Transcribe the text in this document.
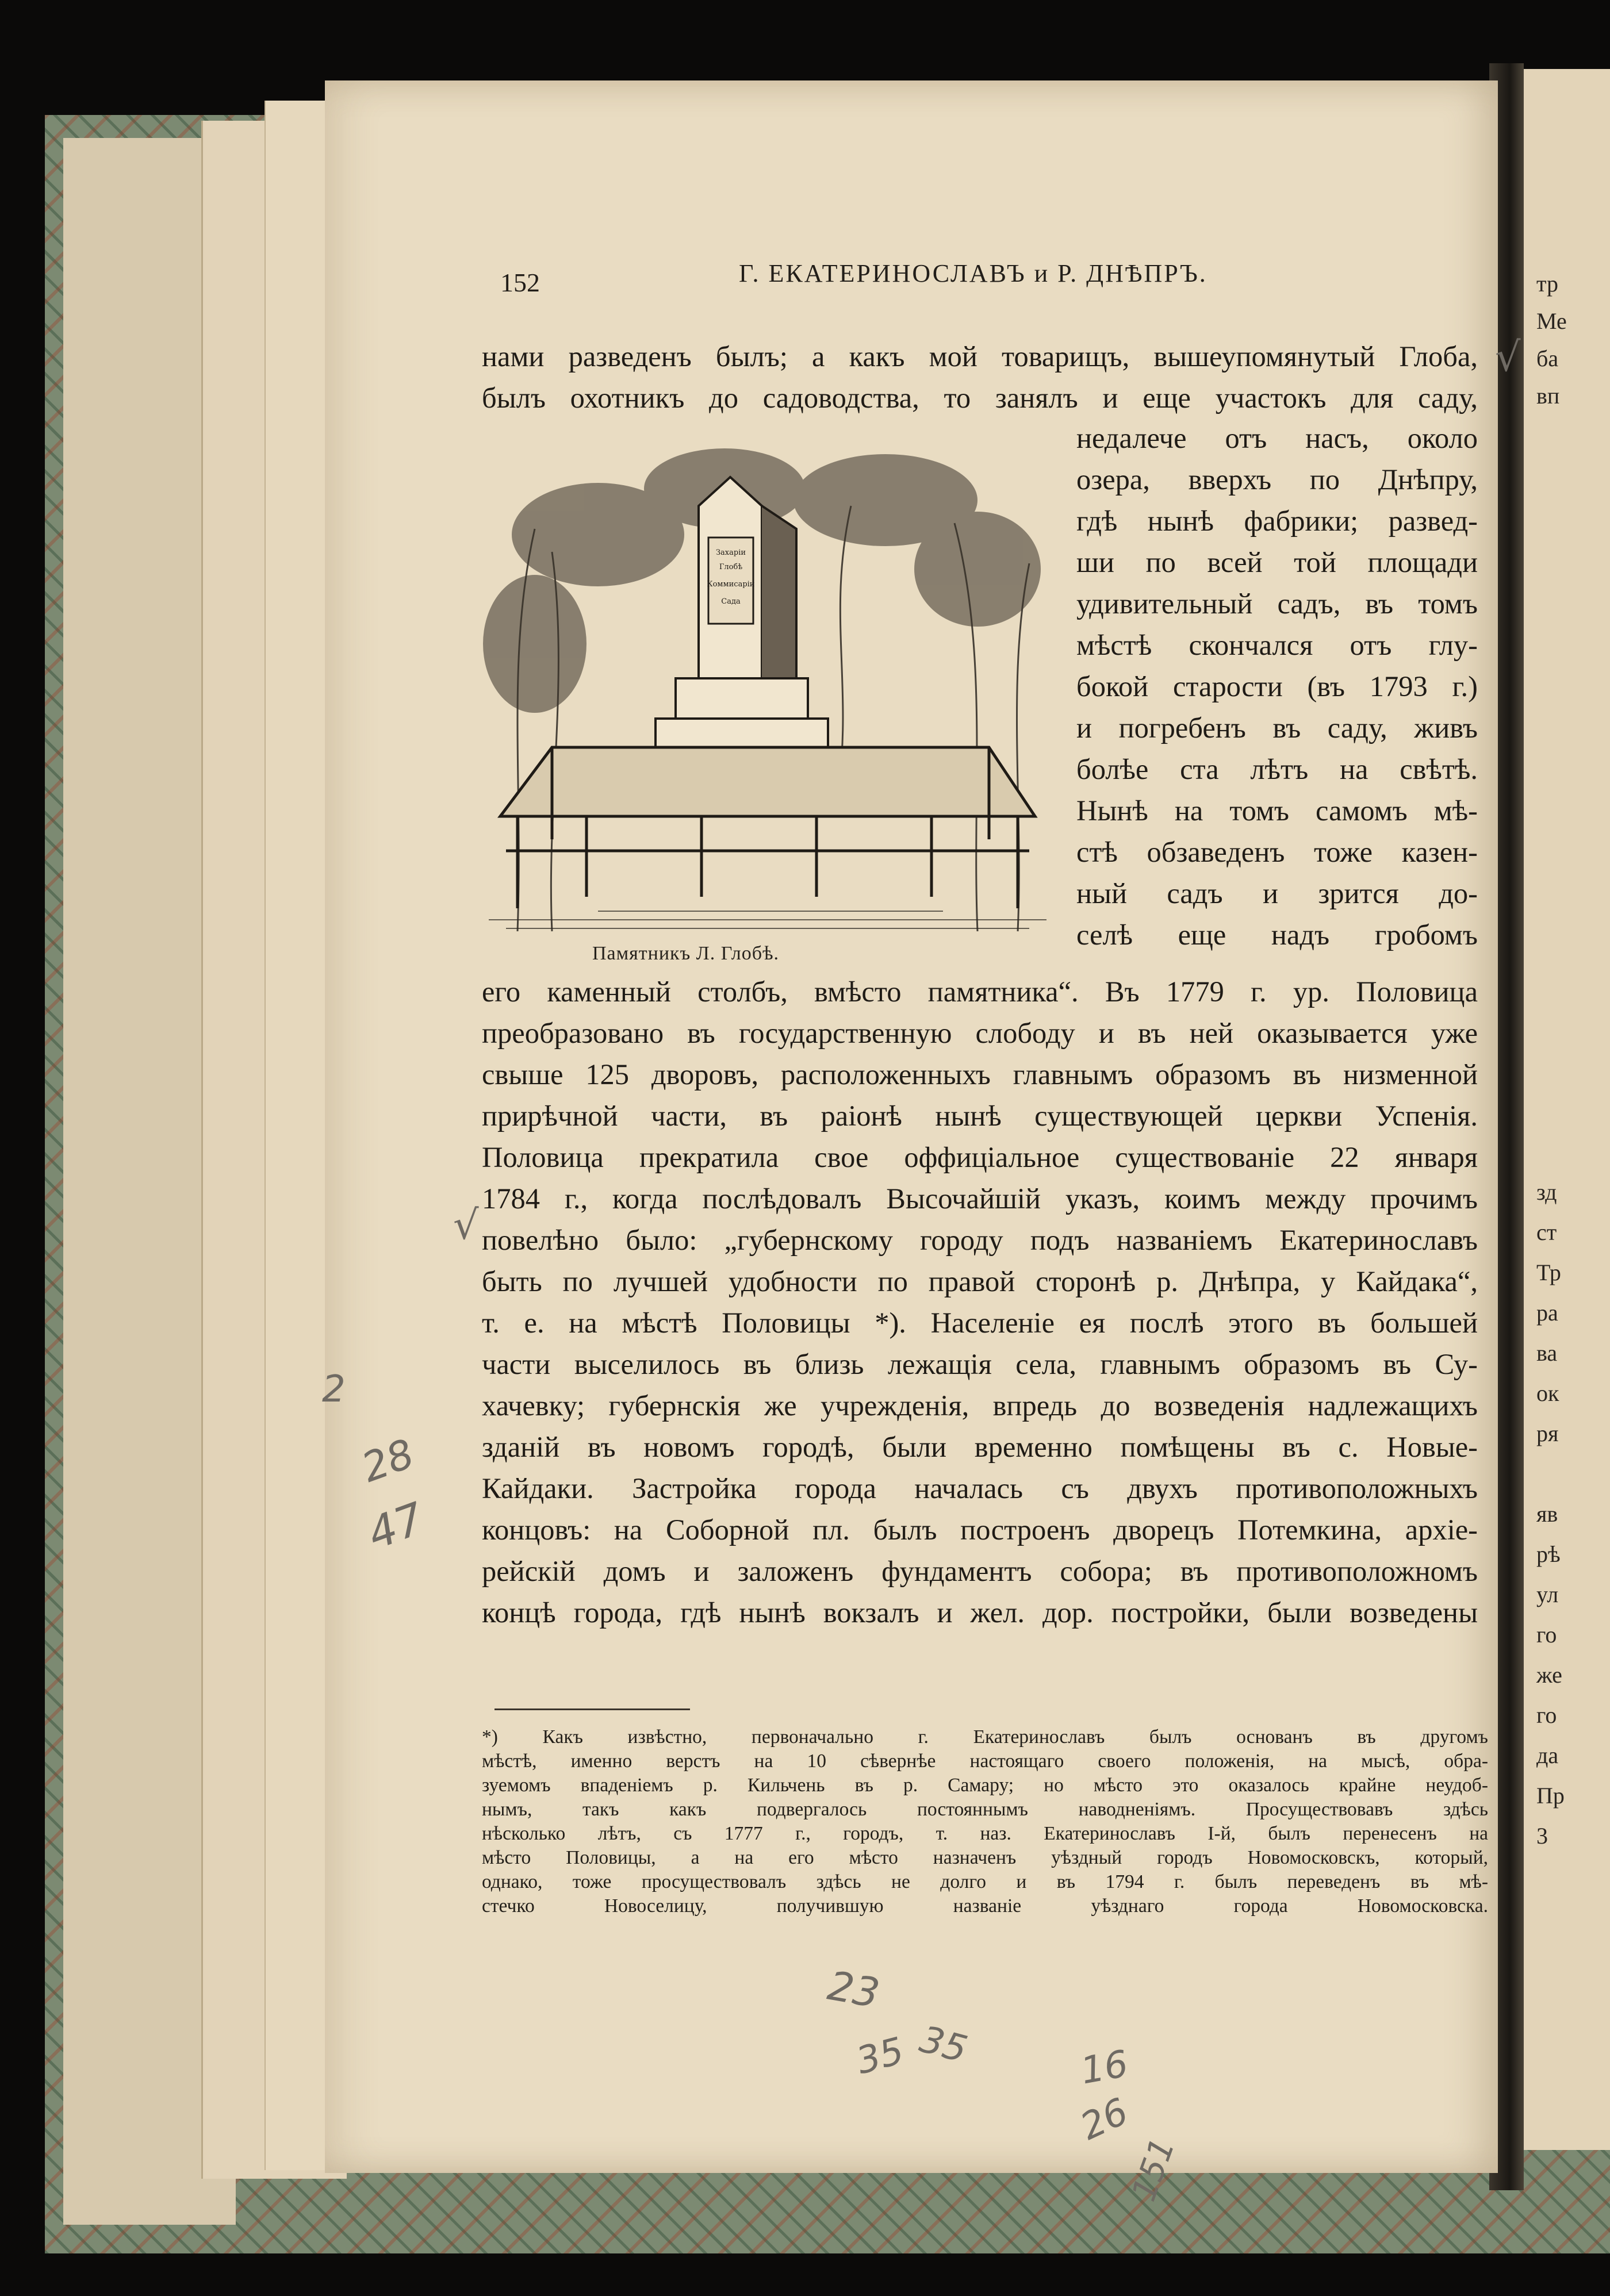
тр
Ме
ба
вп
зд
ст
Тр
ра
ва
ок
ря
яв
рѣ
ул
го
же
го
да
Пр
3
152	Г. ЕКАТЕРИНОСЛАВЪ и Р. ДНѢПРЪ.
Захаріи
Глобѣ
Коммисаріи
Сада
Памятникъ Л. Глобѣ.
нами разведенъ былъ; а какъ мой товарищъ, вышеупомянутый Глоба,
былъ охотникъ до садоводства, то занялъ и еще участокъ для саду,
недалече отъ насъ, около
озера, вверхъ по Днѣпру,
гдѣ нынѣ фабрики; развед-
ши по всей той площади
удивительный садъ, въ томъ
мѣстѣ скончался отъ глу-
бокой старости (въ 1793 г.)
и погребенъ въ саду, живъ
болѣе ста лѣтъ на свѣтѣ.
Нынѣ на томъ самомъ мѣ-
стѣ обзаведенъ тоже казен-
ный садъ и зрится до-
селѣ еще надъ гробомъ
его каменный столбъ, вмѣсто памятника“. Въ 1779 г. ур. Половица
преобразовано въ государственную слободу и въ ней оказывается уже
свыше 125 дворовъ, расположенныхъ главнымъ образомъ въ низменной
прирѣчной части, въ раіонѣ нынѣ существующей церкви Успенія.
Половица прекратила свое оффиціальное существованіе 22 января
1784 г., когда послѣдовалъ Высочайшій указъ, коимъ между прочимъ
повелѣно было: „губернскому городу подъ названіемъ Екатеринославъ
быть по лучшей удобности по правой сторонѣ р. Днѣпра, у Кайдака“,
т. е. на мѣстѣ Половицы *). Населеніе ея послѣ этого въ большей
части выселилось въ близь лежащія села, главнымъ образомъ въ Су-
хачевку; губернскія же учрежденія, впредь до возведенія надлежащихъ
зданій въ новомъ городѣ, были временно помѣщены въ с. Новые-
Кайдаки. Застройка города началась съ двухъ противоположныхъ
концовъ: на Соборной пл. былъ построенъ дворецъ Потемкина, архіе-
рейскій домъ и заложенъ фундаментъ собора; въ противоположномъ
концѣ города, гдѣ нынѣ вокзалъ и жел. дор. постройки, были возведены
*) Какъ извѣстно, первоначально г. Екатеринославъ былъ основанъ въ другомъ
мѣстѣ, именно верстъ на 10 сѣвернѣе настоящаго своего положенія, на мысѣ, обра-
зуемомъ впаденіемъ р. Кильчень въ р. Самару; но мѣсто это оказалось крайне неудоб-
нымъ, такъ какъ подвергалось постояннымъ наводненіямъ. Просуществовавъ здѣсь
нѣсколько лѣтъ, съ 1777 г., городъ, т. наз. Екатеринославъ І-й, былъ перенесенъ на
мѣсто Половицы, а на его мѣсто назначенъ уѣздный городъ Новомосковскъ, который,
однако, тоже просуществовалъ здѣсь не долго и въ 1794 г. былъ переведенъ въ мѣ-
стечко Новоселицу, получившую названіе уѣзднаго города Новомосковска.
√
√
2
28
47
23
35 35	16
26
151
